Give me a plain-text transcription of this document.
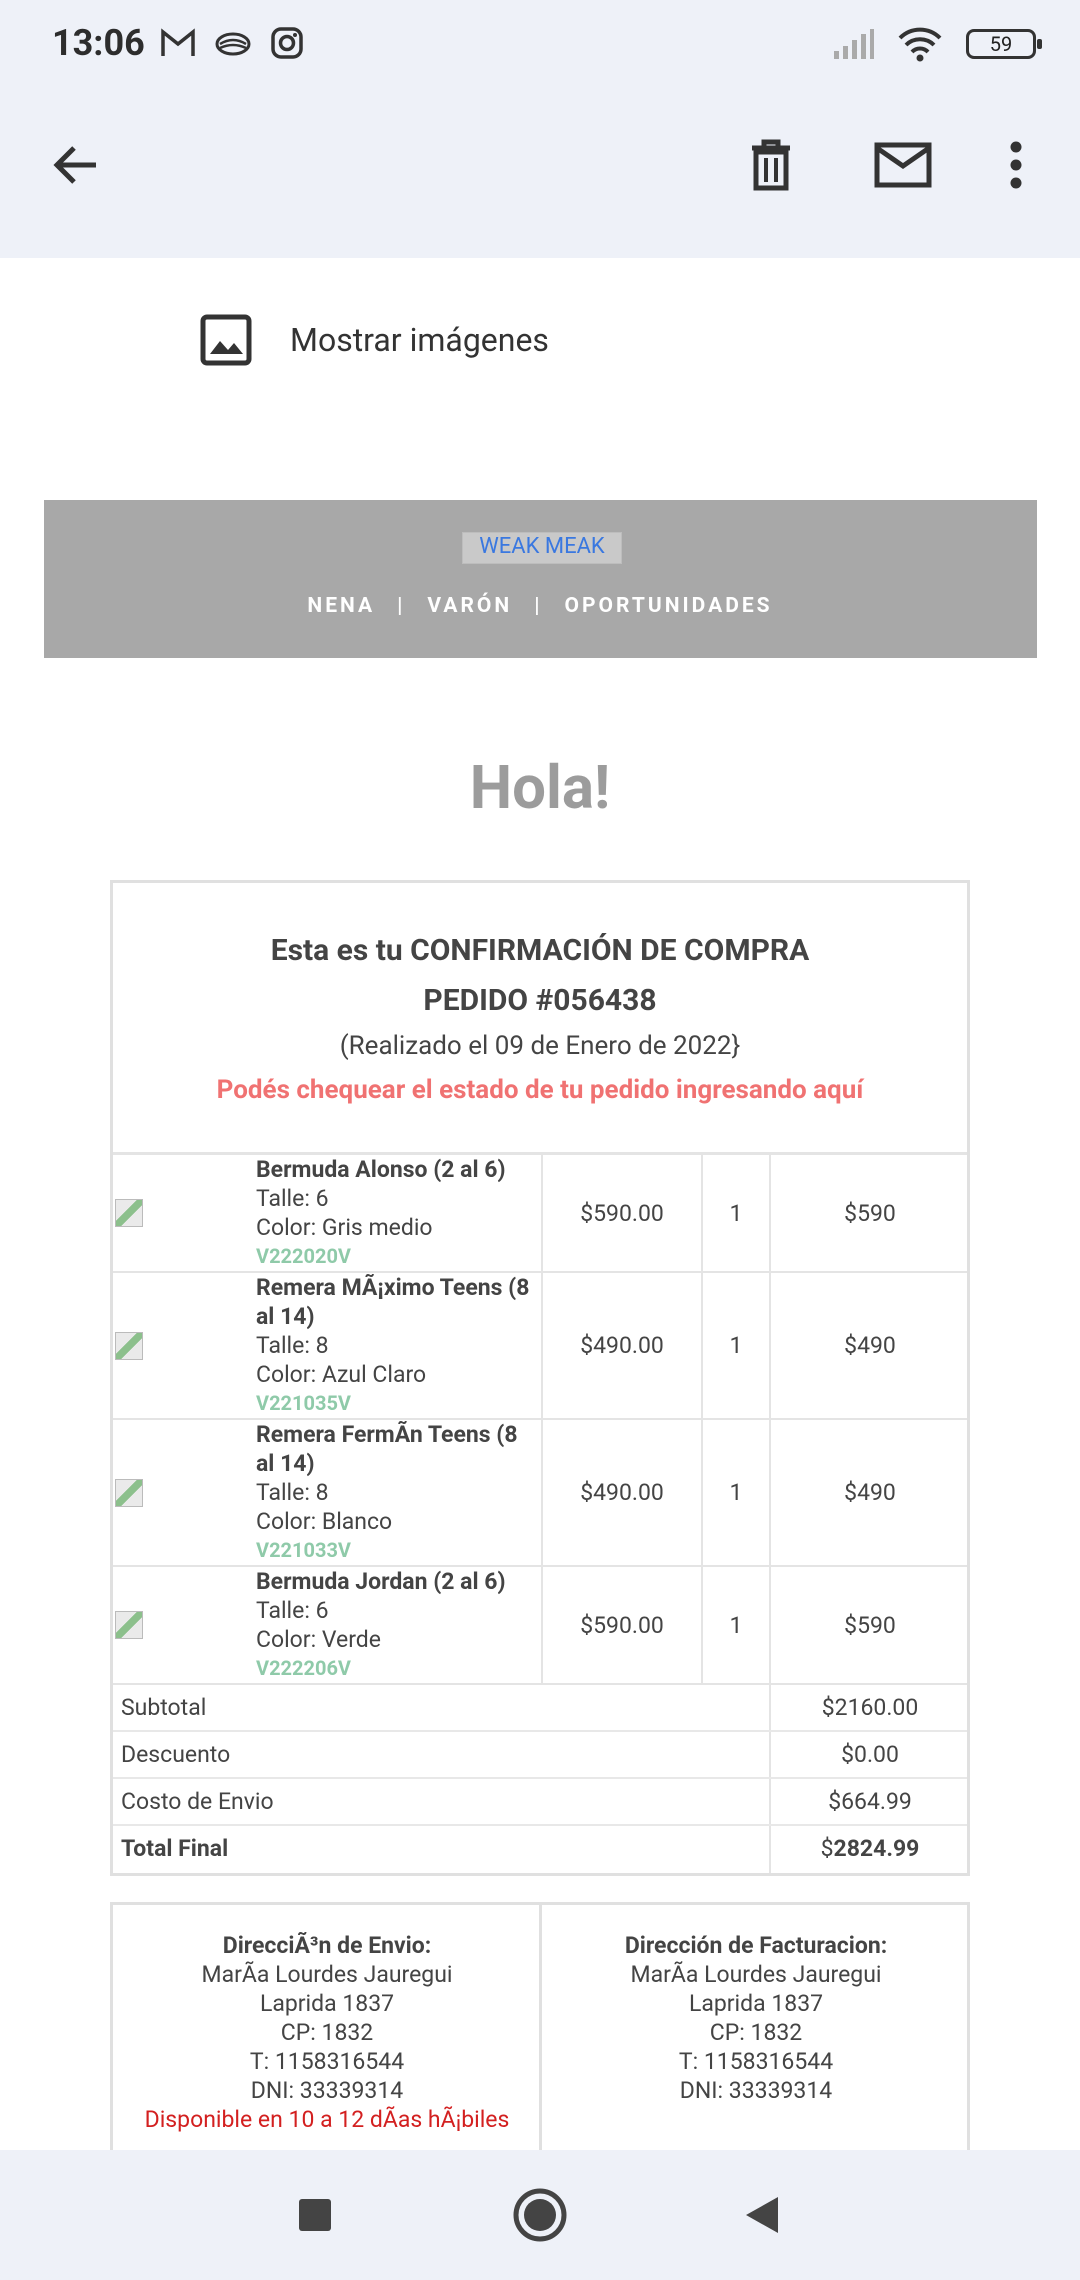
13:06	59
Mostrar imágenes
WEAK MEAK
NENA | VARÓN | OPORTUNIDADES
Hola!
Esta es tu CONFIRMACIÓN DE COMPRA
PEDIDO #056438
(Realizado el 09 de Enero de 2022}
Podés chequear el estado de tu pedido ingresando aquí
Bermuda Alonso (2 al 6)
Talle: 6
Color: Gris medio
V222020V
$590.00	1	$590
Remera MÃ¡ximo Teens (8 al 14)
Talle: 8
Color: Azul Claro
V221035V
$490.00	1	$490
Remera FermÃn Teens (8 al 14)
Talle: 8
Color: Blanco
V221033V
$490.00	1	$490
Bermuda Jordan (2 al 6)
Talle: 6
Color: Verde
V222206V
$590.00	1	$590
Subtotal	$2160.00
Descuento	$0.00
Costo de Envio	$664.99
Total Final	$2824.99
DirecciÃ³n de Envio:
MarÃa Lourdes Jauregui
Laprida 1837
CP: 1832
T: 1158316544
DNI: 33339314
Disponible en 10 a 12 dÃas hÃ¡biles
Dirección de Facturacion:
MarÃa Lourdes Jauregui
Laprida 1837
CP: 1832
T: 1158316544
DNI: 33339314
